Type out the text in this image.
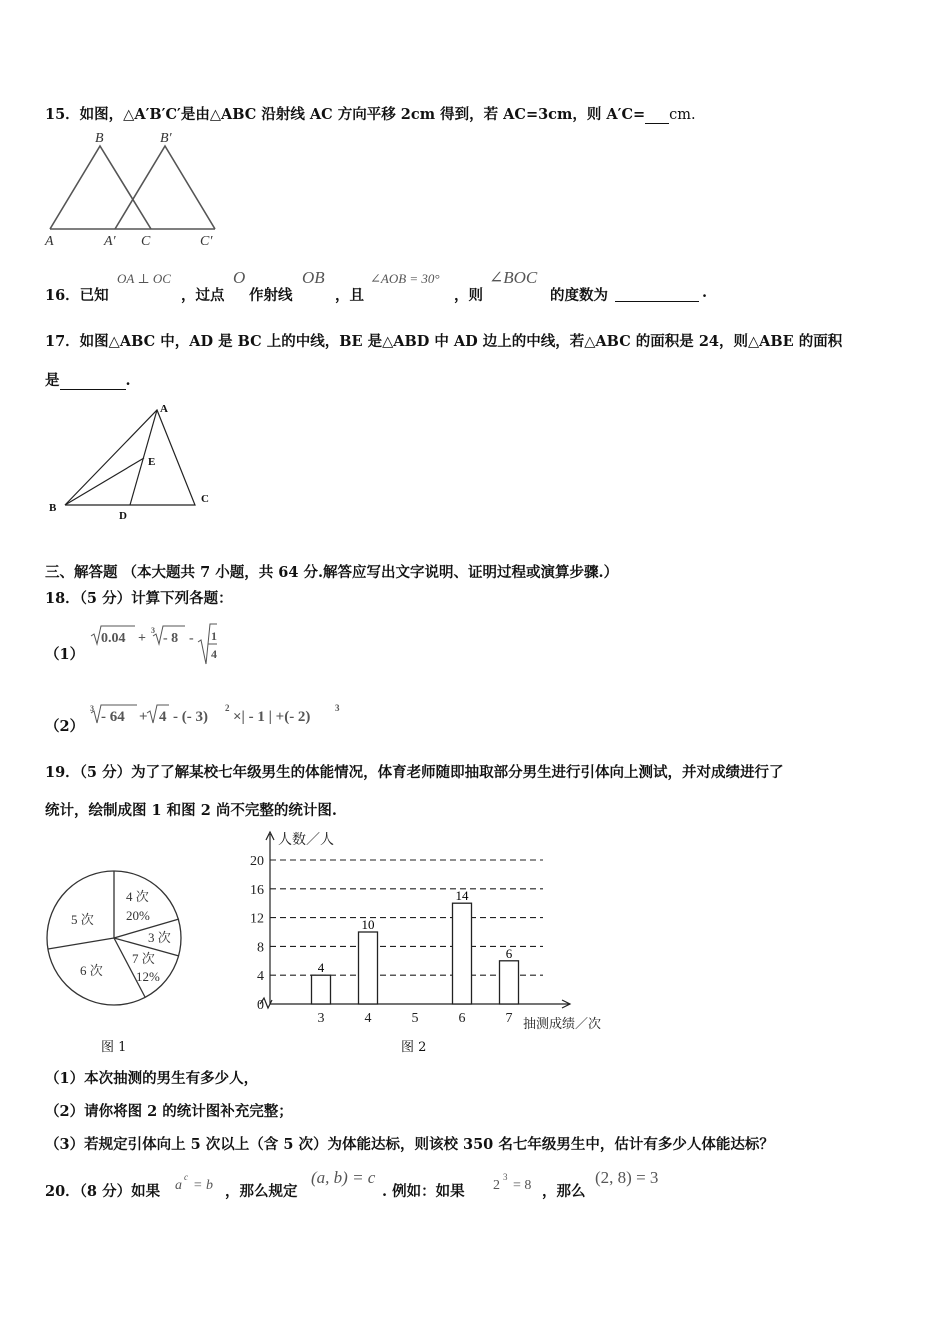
15．如图，△A′B′C′是由△ABC 沿射线 AC 方向平移 2cm 得到，若 AC=3cm，则 A′C= cm.
B	B′
A	A′ C	C′
16．已知
OA ⊥ OC
，过点
O
作射线
OB
，且
∠AOB = 30°
，则
∠BOC
的度数为
	.
17．如图△ABC 中，AD 是 BC 上的中线，BE 是△ABD 中 AD 边上的中线，若△ABC 的面积是 24，则△ABE 的面积
是	.
A
E
B
C
D
三、解答题 （本大题共 7 小题，共 64 分.解答应写出文字说明、证明过程或演算步骤.）
18．（5 分）计算下列各题：
（1）
0.04 +
3
- 8 - 1
4
（2）
3
- 64 + 4 - (- 3)
2
×| - 1 | +(- 2)
3
19．（5 分）为了了解某校七年级男生的体能情况，体育老师随即抽取部分男生进行引体向上测试，并对成绩进行了
统计，绘制成图 1 和图 2 尚不完整的统计图.
4 次
20%
3 次
7 次
12%
5 次
6 次
图 1
4
10
14
6
0
4
8
12
16
20
3	4	5	6	7
人数／人
抽测成绩／次
图 2
（1）本次抽测的男生有多少人，
（2）请你将图 2 的统计图补充完整；
（3）若规定引体向上 5 次以上（含 5 次）为体能达标，则该校 350 名七年级男生中，估计有多少人体能达标？
20．（8 分）如果 a
c
= b ，那么规定
(a, b) = c
. 例如：如果 2
3
= 8 ，那么
(2, 8) = 3
